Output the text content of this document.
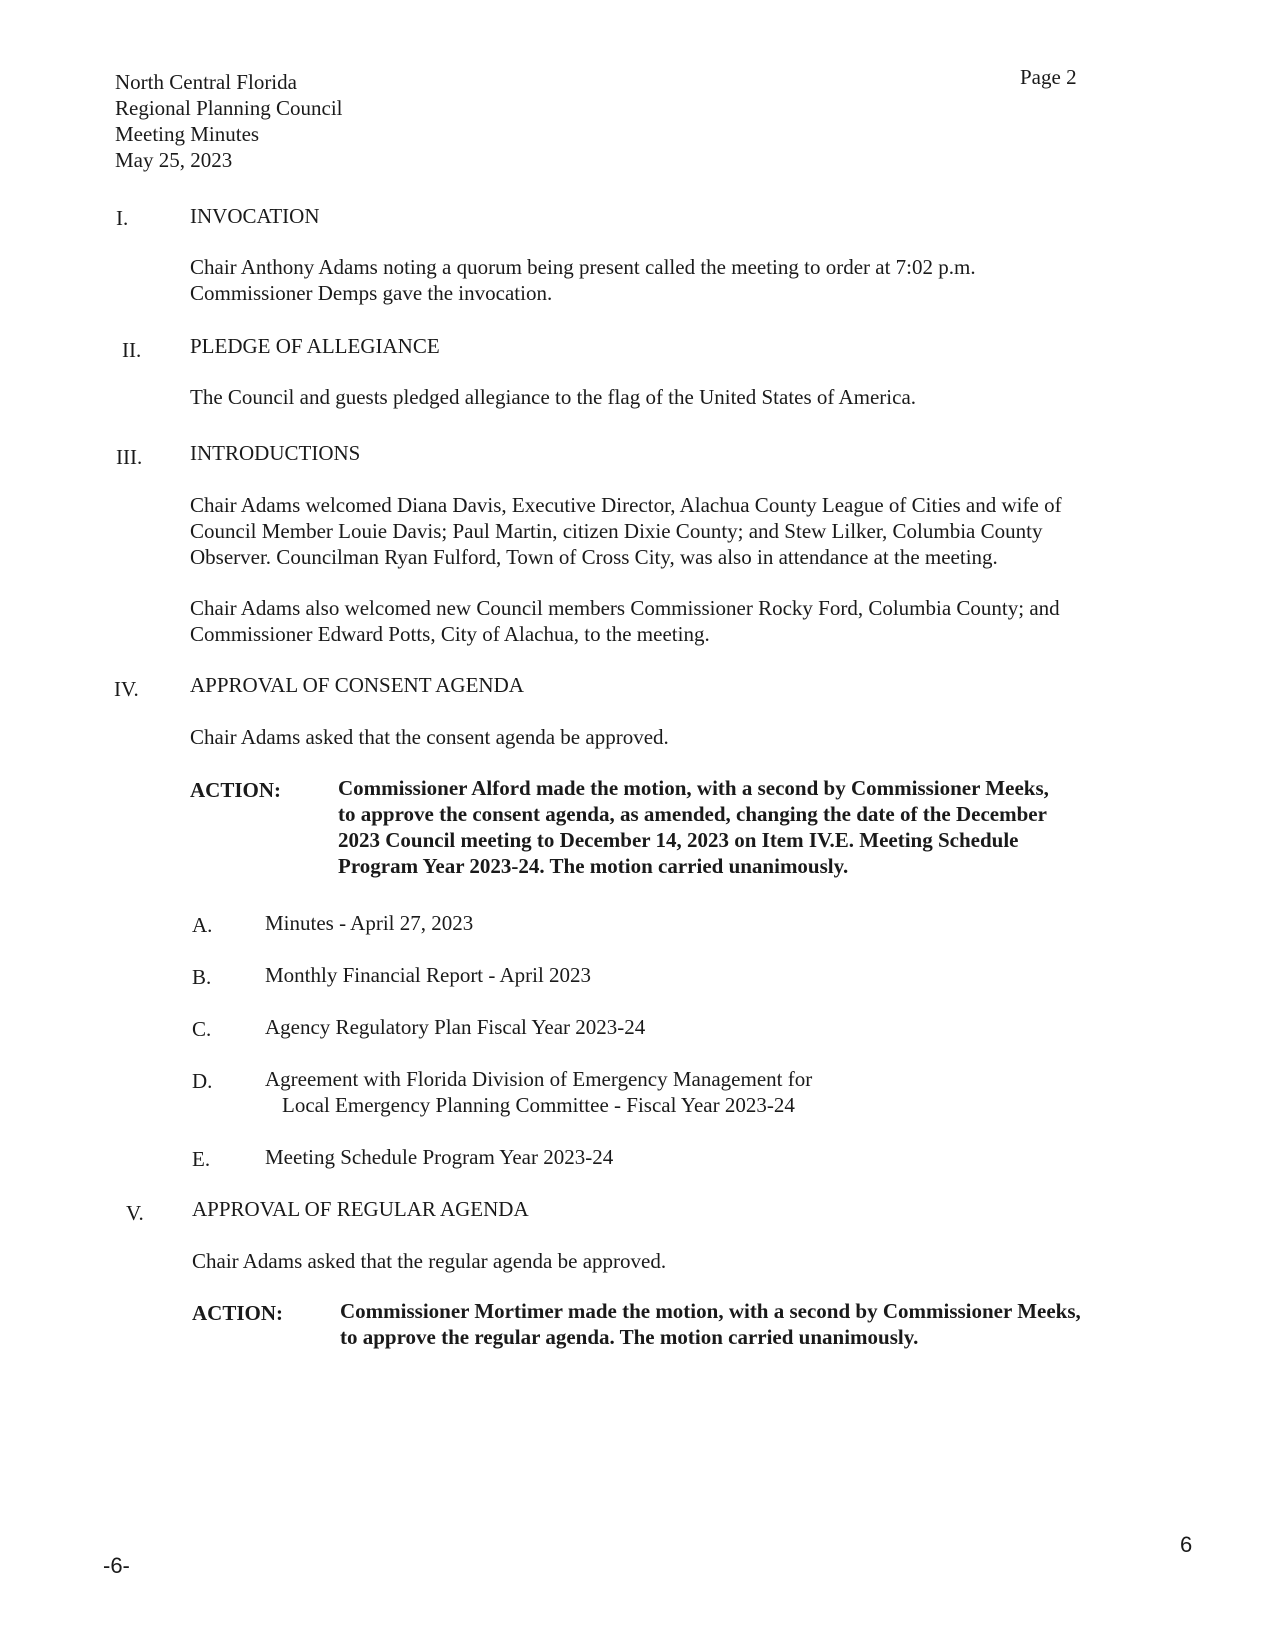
North Central Florida
Regional Planning Council
Meeting Minutes
May 25, 2023
Page 2
I.	INVOCATION
Chair Anthony Adams noting a quorum being present called the meeting to order at 7:02 p.m.
Commissioner Demps gave the invocation.
II. PLEDGE OF ALLEGIANCE
The Council and guests pledged allegiance to the flag of the United States of America.
III. INTRODUCTIONS
Chair Adams welcomed Diana Davis, Executive Director, Alachua County League of Cities and wife of
Council Member Louie Davis; Paul Martin, citizen Dixie County; and Stew Lilker, Columbia County
Observer. Councilman Ryan Fulford, Town of Cross City, was also in attendance at the meeting.
Chair Adams also welcomed new Council members Commissioner Rocky Ford, Columbia County; and
Commissioner Edward Potts, City of Alachua, to the meeting.
IV. APPROVAL OF CONSENT AGENDA
Chair Adams asked that the consent agenda be approved.
ACTION:	Commissioner Alford made the motion, with a second by Commissioner Meeks,
to approve the consent agenda, as amended, changing the date of the December
2023 Council meeting to December 14, 2023 on Item IV.E. Meeting Schedule
Program Year 2023-24. The motion carried unanimously.
A.	Minutes - April 27, 2023
B.	Monthly Financial Report - April 2023
C.	Agency Regulatory Plan Fiscal Year 2023-24
D.	Agreement with Florida Division of Emergency Management for
Local Emergency Planning Committee - Fiscal Year 2023-24
E.	Meeting Schedule Program Year 2023-24
V. APPROVAL OF REGULAR AGENDA
Chair Adams asked that the regular agenda be approved.
ACTION:	Commissioner Mortimer made the motion, with a second by Commissioner Meeks,
to approve the regular agenda. The motion carried unanimously.
-6-
6
